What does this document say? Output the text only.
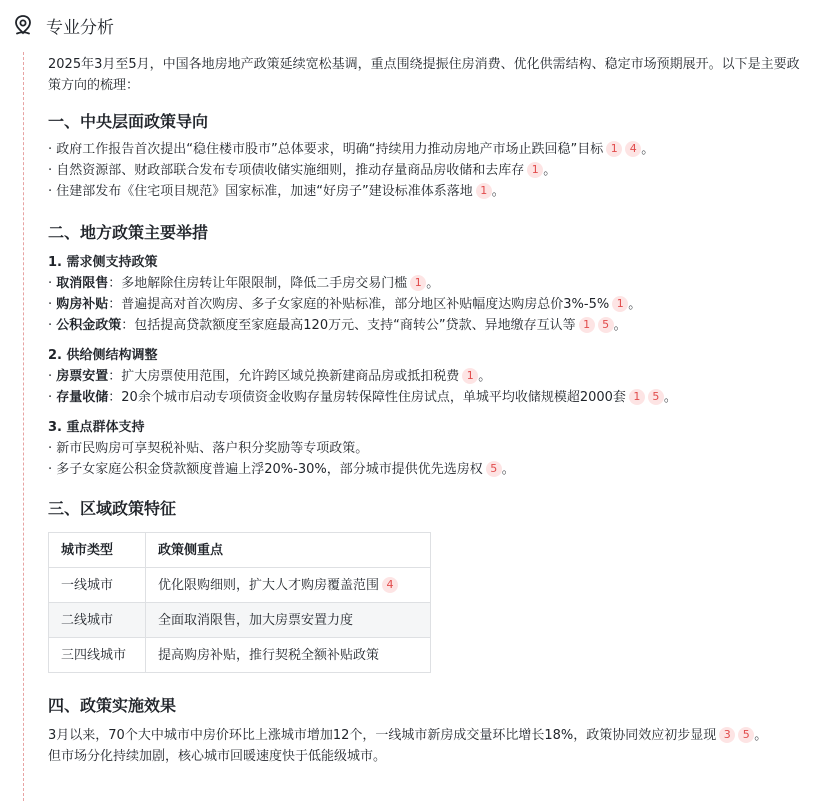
专业分析

2025年3月至5月，中国各地房地产政策延续宽松基调，重点围绕提振住房消费、优化供需结构、稳定市场预期展开。以下是主要政策方向的梳理：

一、中央层面政策导向
· 政府工作报告首次提出“稳住楼市股市”总体要求，明确“持续用力推动房地产市场止跌回稳”目标 1 4 。
· 自然资源部、财政部联合发布专项债收储实施细则，推动存量商品房收储和去库存 1 。
· 住建部发布《住宅项目规范》国家标准，加速“好房子”建设标准体系落地 1 。
二、地方政策主要举措
1. 需求侧支持政策
· 取消限售：多地解除住房转让年限限制，降低二手房交易门槛 1 。
· 购房补贴：普遍提高对首次购房、多子女家庭的补贴标准，部分地区补贴幅度达购房总价3%-5% 1 。
· 公积金政策：包括提高贷款额度至家庭最高120万元、支持“商转公”贷款、异地缴存互认等 1 5 。
2. 供给侧结构调整
· 房票安置：扩大房票使用范围，允许跨区域兑换新建商品房或抵扣税费 1 。
· 存量收储：20余个城市启动专项债资金收购存量房转保障性住房试点，单城平均收储规模超2000套 1 5 。
3. 重点群体支持
· 新市民购房可享契税补贴、落户积分奖励等专项政策。
· 多子女家庭公积金贷款额度普遍上浮20%-30%，部分城市提供优先选房权 5 。
三、区域政策特征
城市类型	政策侧重点
一线城市	优化限购细则，扩大人才购房覆盖范围 4
二线城市	全面取消限售，加大房票安置力度
三四线城市	提高购房补贴，推行契税全额补贴政策
四、政策实施效果
3月以来，70个大中城市中房价环比上涨城市增加12个，一线城市新房成交量环比增长18%，政策协同效应初步显现 3 5 。
但市场分化持续加剧，核心城市回暖速度快于低能级城市。
